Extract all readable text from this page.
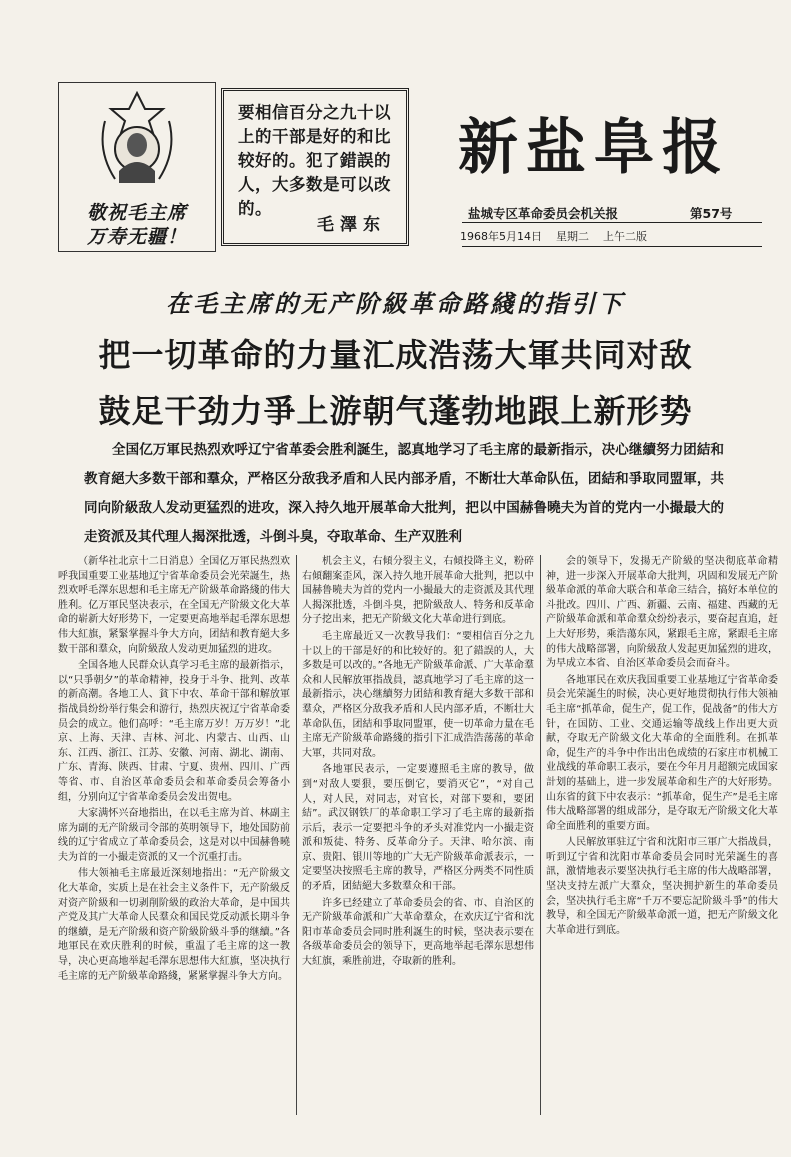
敬祝毛主席
万寿无疆！
要相信百分之九十以上的干部是好的和比较好的。犯了錯誤的人，大多数是可以改的。
毛澤东
新盐阜报
盐城专区革命委员会机关报	第57号
1968年5月14日 星期二 上午二版
在毛主席的无产阶級革命路綫的指引下
把一切革命的力量汇成浩荡大軍共同对敌
鼓足干劲力爭上游朝气蓬勃地跟上新形势
全国亿万軍民热烈欢呼辽宁省革委会胜利誕生，認真地学习了毛主席的最新指示，决心继續努力团結和教育絕大多数干部和羣众，严格区分敌我矛盾和人民内部矛盾，不断壮大革命队伍，团結和爭取同盟軍，共同向阶級敌人发动更猛烈的进攻，深入持久地开展革命大批判，把以中国赫鲁曉夫为首的党内一小撮最大的走资派及其代理人揭深批透，斗倒斗臭，夺取革命、生产双胜利

（新华社北京十二日消息）全国亿万軍民热烈欢呼我国重要工业基地辽宁省革命委员会光荣誕生，热烈欢呼毛澤东思想和毛主席无产阶級革命路綫的伟大胜利。亿万軍民坚决表示，在全国无产阶級文化大革命的崭新大好形势下，一定要更高地举起毛澤东思想伟大紅旗，紧緊掌握斗争大方向，团結和教育絕大多数干部和羣众，向阶級敌人发动更加猛烈的进攻。

全国各地人民群众认真学习毛主席的最新指示，以“只爭朝夕”的革命精神，投身于斗争、批判、改革的新高潮。各地工人、貧下中农、革命干部和解放軍指战員纷纷举行集会和游行，热烈庆祝辽宁省革命委员会的成立。他们高呼：“毛主席万岁！万万岁！”北京、上海、天津、吉林、河北、内蒙古、山西、山东、江西、浙江、江苏、安徽、河南、湖北、湖南、广东、青海、陕西、甘肃、宁夏、贵州、四川、广西等省、市、自治区革命委员会和革命委员会筹备小组，分别向辽宁省革命委员会发出贺电。

大家满怀兴奋地指出，在以毛主席为首、林副主席为副的无产阶級司令部的英明领导下，地处国防前线的辽宁省成立了革命委员会，这是对以中国赫鲁曉夫为首的一小撮走资派的又一个沉重打击。

伟大领袖毛主席最近深刻地指出：“无产阶級文化大革命，实质上是在社会主义条件下，无产阶級反对资产阶級和一切剥削阶級的政治大革命，是中国共产党及其广大革命人民羣众和国民党反动派长期斗争的继續，是无产阶級和资产阶級阶級斗爭的继續。”各地軍民在欢庆胜利的时候，重温了毛主席的这一教导，决心更高地举起毛澤东思想伟大紅旗，坚决执行毛主席的无产阶級革命路綫，紧紧掌握斗争大方向。

机会主义，右傾分裂主义，右傾投降主义，粉碎右傾翻案歪风，深入持久地开展革命大批判，把以中国赫鲁曉夫为首的党内一小撮最大的走资派及其代理人揭深批透，斗倒斗臭，把阶級敌人、特务和反革命分子挖出来，把无产阶級文化大革命进行到底。

毛主席最近又一次教导我们：“要相信百分之九十以上的干部是好的和比较好的。犯了錯誤的人，大多数是可以改的。”各地无产阶級革命派、广大革命羣众和人民解放軍指战員，認真地学习了毛主席的这一最新指示，决心继續努力团結和教育絕大多数干部和羣众，严格区分敌我矛盾和人民内部矛盾，不断壮大革命队伍，团結和爭取同盟軍，使一切革命力量在毛主席无产阶級革命路綫的指引下汇成浩浩荡荡的革命大軍，共同对敌。

各地軍民表示，一定要遵照毛主席的教导，做到“对敌人要狠，要压倒它，要消灭它”，“对自己人，对人民，对同志，对官长，对部下要和，要团結”。武汉钢铁厂的革命职工学习了毛主席的最新指示后，表示一定要把斗争的矛头对准党内一小撮走资派和叛徒、特务、反革命分子。天津、哈尔滨、南京、贵阳、银川等地的广大无产阶級革命派表示，一定要坚决按照毛主席的教导，严格区分两类不同性质的矛盾，团結絕大多数羣众和干部。

许多已经建立了革命委员会的省、市、自治区的无产阶級革命派和广大革命羣众，在欢庆辽宁省和沈阳市革命委员会同时胜利誕生的时候，坚决表示要在各级革命委员会的领导下，更高地举起毛澤东思想伟大紅旗，乘胜前进，夺取新的胜利。

会的领导下，发揚无产阶級的坚决彻底革命精神，进一步深入开展革命大批判，巩固和发展无产阶級革命派的革命大联合和革命三结合，搞好本单位的斗批改。四川、广西、新疆、云南、福建、西藏的无产阶級革命派和革命羣众纷纷表示，要奋起直追，赶上大好形势，乘浩蕩东风，紧跟毛主席，紧跟毛主席的伟大战略部署，向阶級敌人发起更加猛烈的进攻，为早成立本省、自治区革命委员会而奋斗。

各地軍民在欢庆我国重要工业基地辽宁省革命委员会光荣誕生的时候，决心更好地贯彻执行伟大领袖毛主席“抓革命，促生产，促工作，促战备”的伟大方针，在国防、工业、交通运输等战线上作出更大贡献，夺取无产阶級文化大革命的全面胜利。在抓革命，促生产的斗争中作出出色成绩的石家庄市机械工业战线的革命职工表示，要在今年月月超额完成国家計划的基础上，进一步发展革命和生产的大好形势。山东省的貧下中农表示：“抓革命，促生产”是毛主席伟大战略部署的组成部分，是夺取无产阶級文化大革命全面胜利的重要方面。

人民解放軍驻辽宁省和沈阳市三軍广大指战員，听到辽宁省和沈阳市革命委员会同时光荣誕生的喜訊，激情地表示要坚决执行毛主席的伟大战略部署，坚决支持左派广大羣众，坚决拥护新生的革命委员会，坚决执行毛主席“千万不要忘記阶級斗爭”的伟大教导，和全国无产阶級革命派一道，把无产阶級文化大革命进行到底。
